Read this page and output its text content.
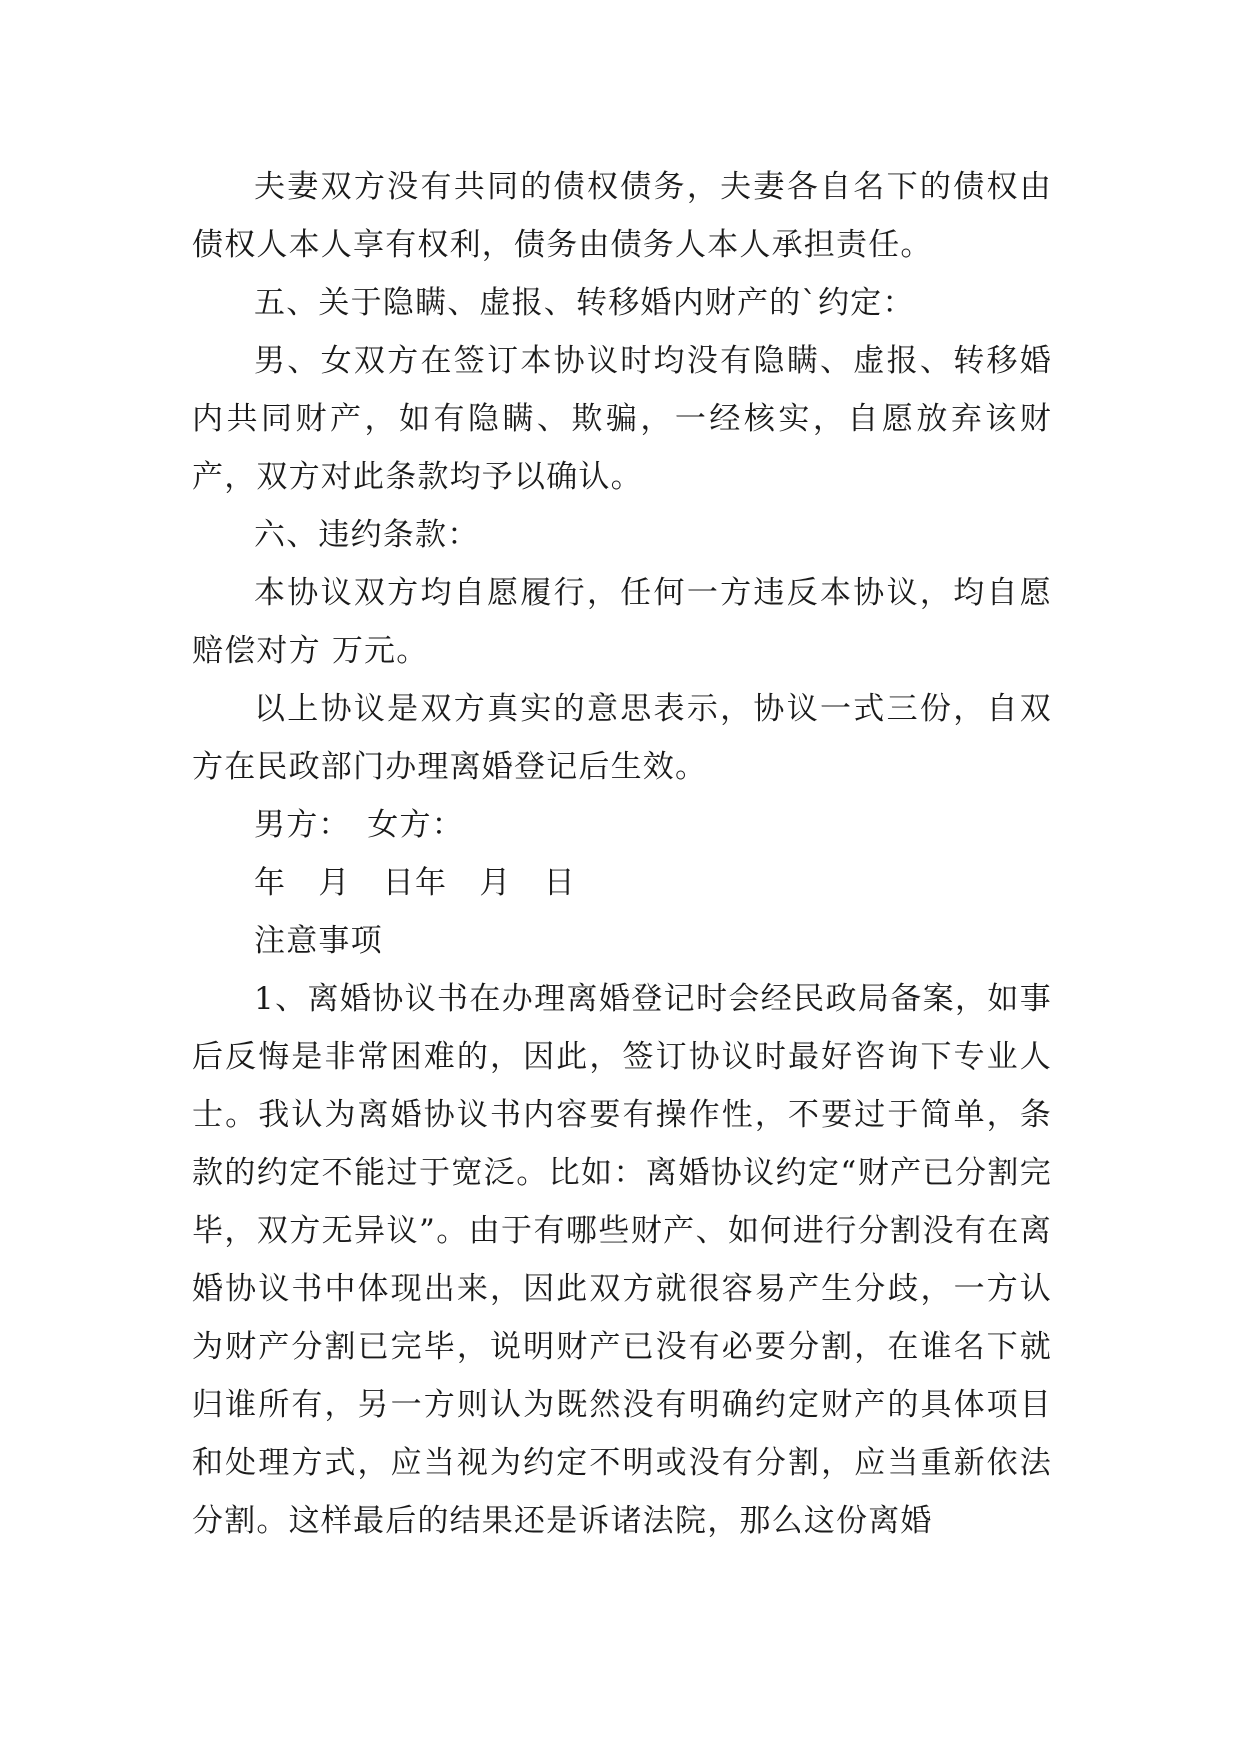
夫妻双方没有共同的债权债务，夫妻各自名下的债权由债权人本人享有权利，债务由债务人本人承担责任。

五、关于隐瞒、虚报、转移婚内财产的`约定：

男、女双方在签订本协议时均没有隐瞒、虚报、转移婚内共同财产，如有隐瞒、欺骗，一经核实，自愿放弃该财产，双方对此条款均予以确认。

六、违约条款：

本协议双方均自愿履行，任何一方违反本协议，均自愿赔偿对方 万元。

以上协议是双方真实的意思表示，协议一式三份，自双方在民政部门办理离婚登记后生效。

男方：　女方：

年　月　日年　月　日

注意事项

1、离婚协议书在办理离婚登记时会经民政局备案，如事后反悔是非常困难的，因此，签订协议时最好咨询下专业人士。我认为离婚协议书内容要有操作性，不要过于简单，条款的约定不能过于宽泛。比如：离婚协议约定“财产已分割完毕，双方无异议”。由于有哪些财产、如何进行分割没有在离婚协议书中体现出来，因此双方就很容易产生分歧，一方认为财产分割已完毕，说明财产已没有必要分割，在谁名下就归谁所有，另一方则认为既然没有明确约定财产的具体项目和处理方式，应当视为约定不明或没有分割，应当重新依法分割。这样最后的结果还是诉诸法院，那么这份离婚
